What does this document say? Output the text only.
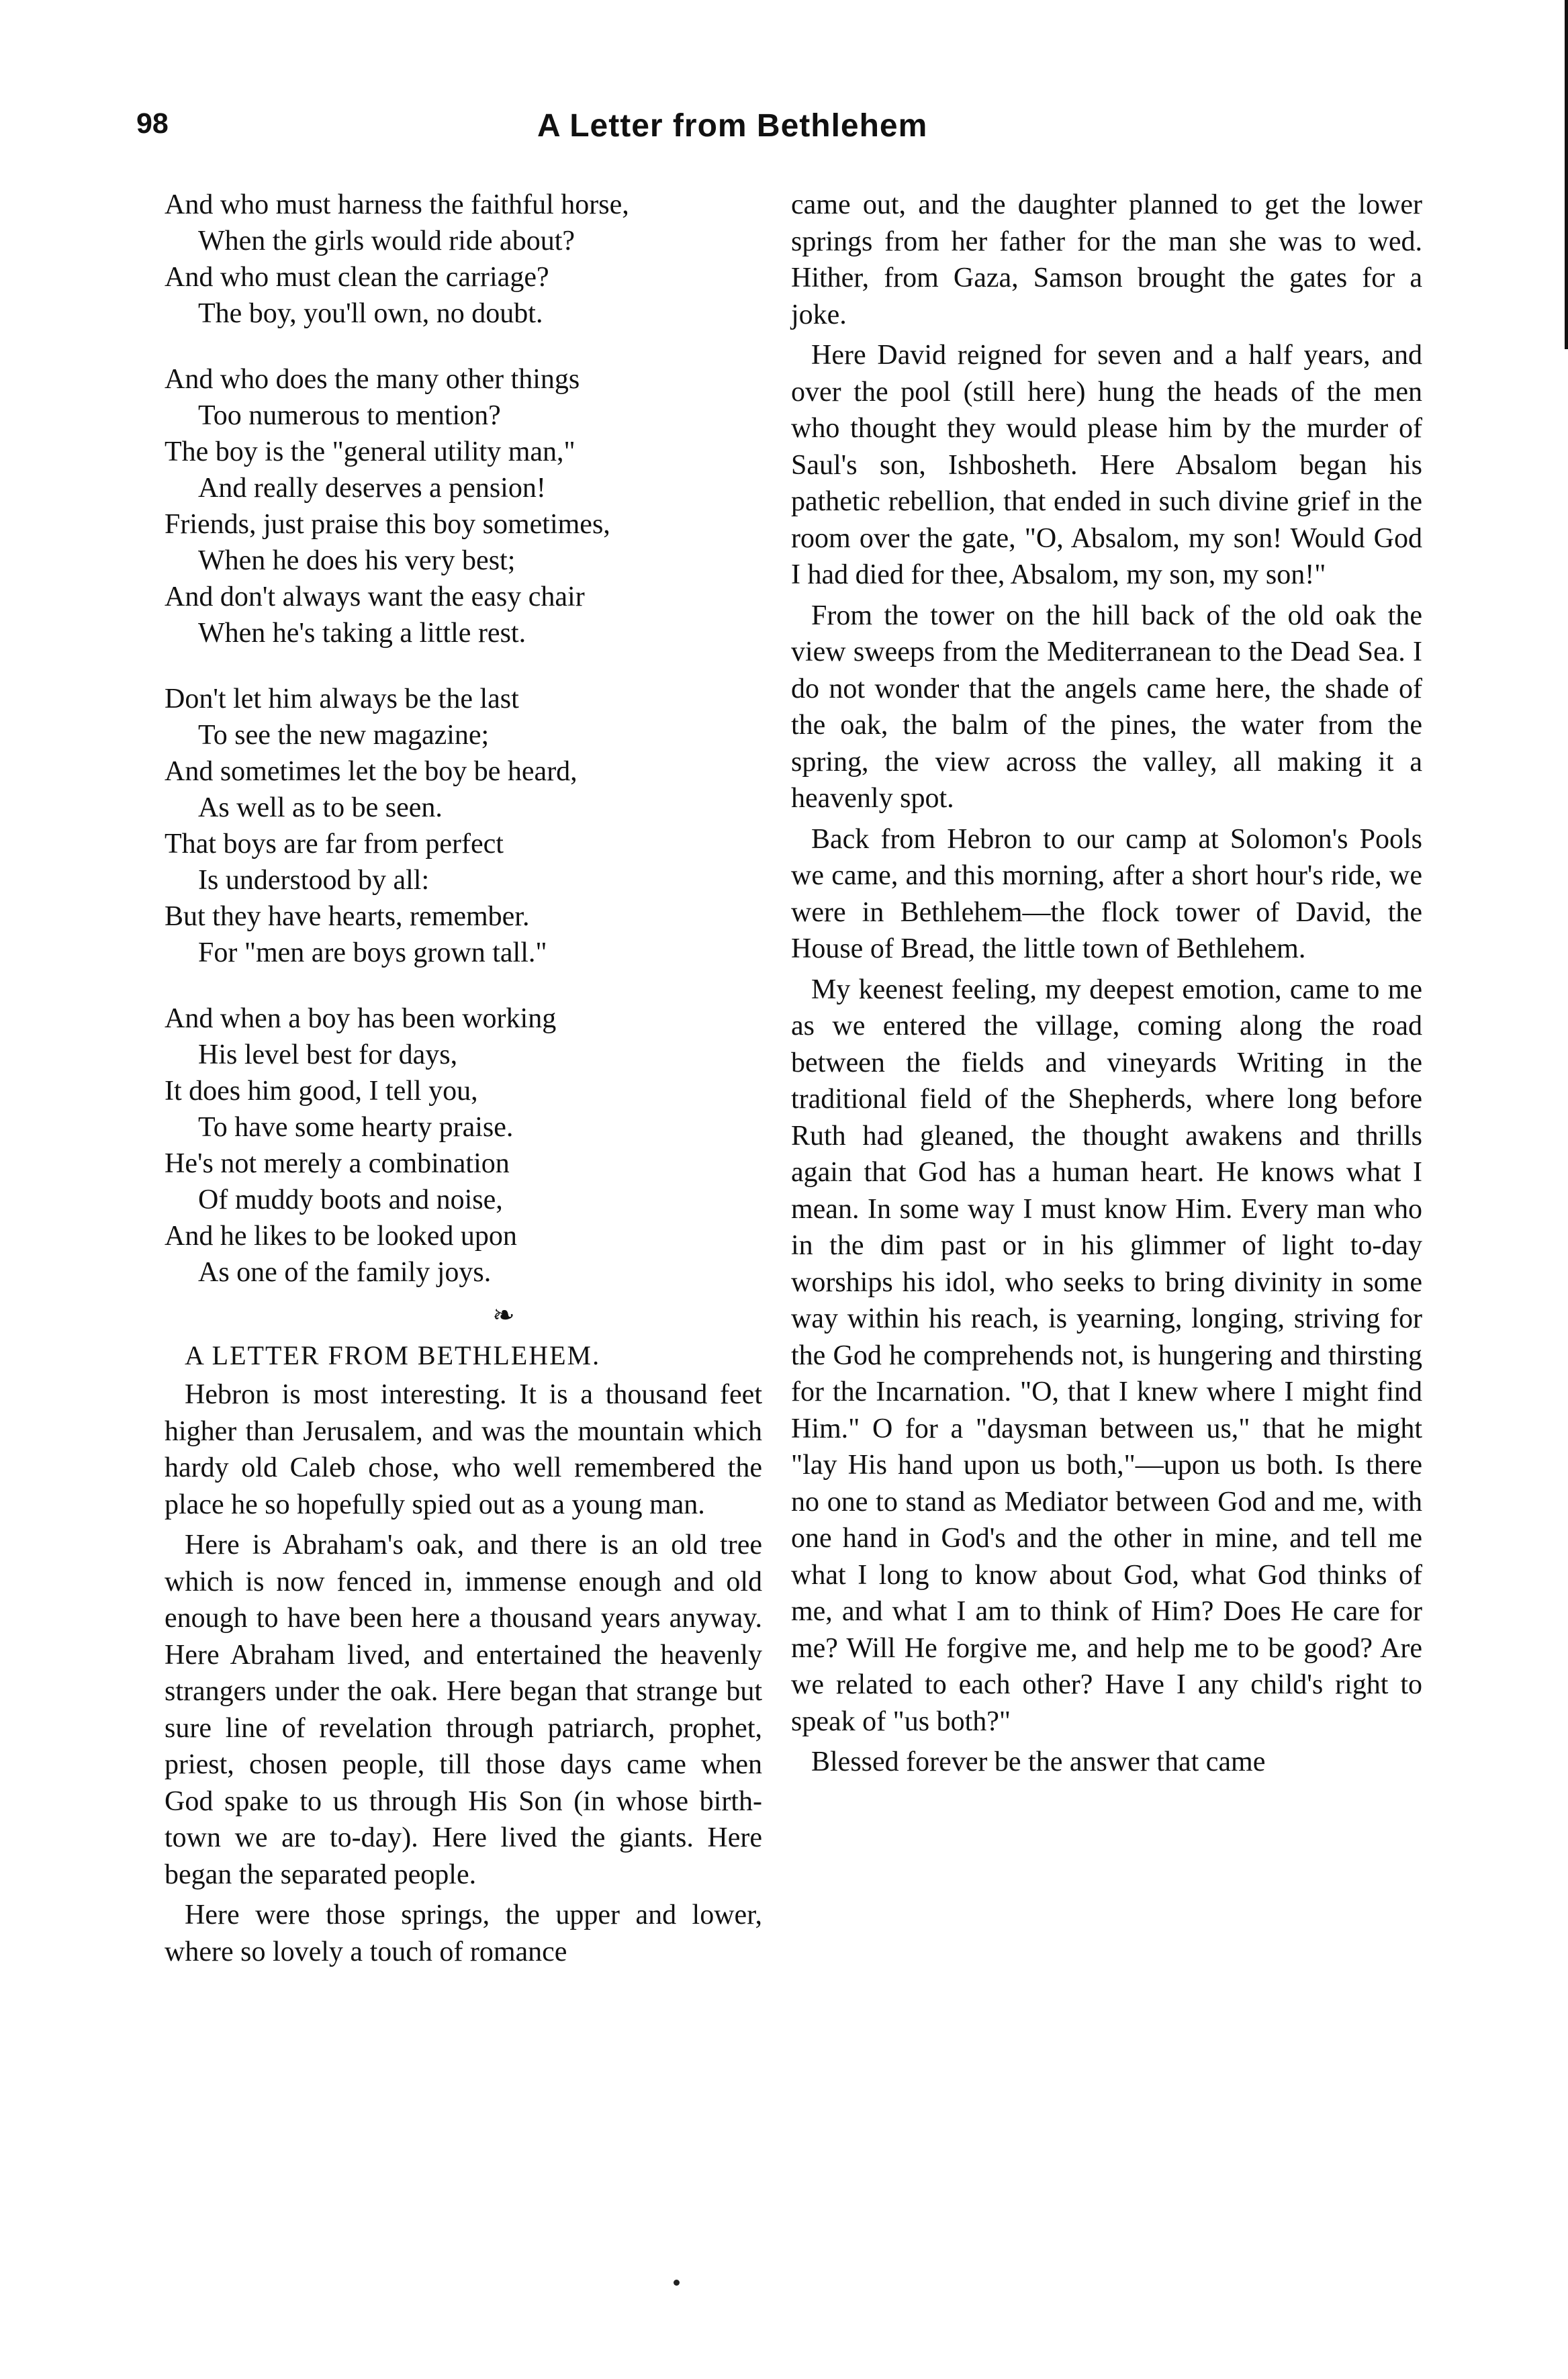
98	A Letter from Bethlehem
And who must harness the faithful horse,
When the girls would ride about?
And who must clean the carriage?
The boy, you'll own, no doubt.
And who does the many other things
Too numerous to mention?
The boy is the "general utility man,"
And really deserves a pension!
Friends, just praise this boy sometimes,
When he does his very best;
And don't always want the easy chair
When he's taking a little rest.
Don't let him always be the last
To see the new magazine;
And sometimes let the boy be heard,
As well as to be seen.
That boys are far from perfect
Is understood by all:
But they have hearts, remember.
For "men are boys grown tall."
And when a boy has been working
His level best for days,
It does him good, I tell you,
To have some hearty praise.
He's not merely a combination
Of muddy boots and noise,
And he likes to be looked upon
As one of the family joys.
❧
A LETTER FROM BETHLEHEM.

Hebron is most interesting. It is a thousand feet higher than Jerusalem, and was the mountain which hardy old Caleb chose, who well remembered the place he so hopefully spied out as a young man.

Here is Abraham's oak, and there is an old tree which is now fenced in, immense enough and old enough to have been here a thousand years anyway. Here Abraham lived, and entertained the heavenly strangers under the oak. Here began that strange but sure line of revelation through patriarch, prophet, priest, chosen people, till those days came when God spake to us through His Son (in whose birth-town we are to-day). Here lived the giants. Here began the separated people.

Here were those springs, the upper and lower, where so lovely a touch of romance

came out, and the daughter planned to get the lower springs from her father for the man she was to wed. Hither, from Gaza, Samson brought the gates for a joke.

Here David reigned for seven and a half years, and over the pool (still here) hung the heads of the men who thought they would please him by the murder of Saul's son, Ishbosheth. Here Absalom began his pathetic rebellion, that ended in such divine grief in the room over the gate, "O, Absalom, my son! Would God I had died for thee, Absalom, my son, my son!"

From the tower on the hill back of the old oak the view sweeps from the Mediterranean to the Dead Sea. I do not wonder that the angels came here, the shade of the oak, the balm of the pines, the water from the spring, the view across the valley, all making it a heavenly spot.

Back from Hebron to our camp at Solomon's Pools we came, and this morning, after a short hour's ride, we were in Bethlehem—the flock tower of David, the House of Bread, the little town of Bethlehem.

My keenest feeling, my deepest emotion, came to me as we entered the village, coming along the road between the fields and vineyards Writing in the traditional field of the Shepherds, where long before Ruth had gleaned, the thought awakens and thrills again that God has a human heart. He knows what I mean. In some way I must know Him. Every man who in the dim past or in his glimmer of light to-day worships his idol, who seeks to bring divinity in some way within his reach, is yearning, longing, striving for the God he comprehends not, is hungering and thirsting for the Incarnation. "O, that I knew where I might find Him." O for a "daysman between us," that he might "lay His hand upon us both,"—upon us both. Is there no one to stand as Mediator between God and me, with one hand in God's and the other in mine, and tell me what I long to know about God, what God thinks of me, and what I am to think of Him? Does He care for me? Will He forgive me, and help me to be good? Are we related to each other? Have I any child's right to speak of "us both?"

Blessed forever be the answer that came
